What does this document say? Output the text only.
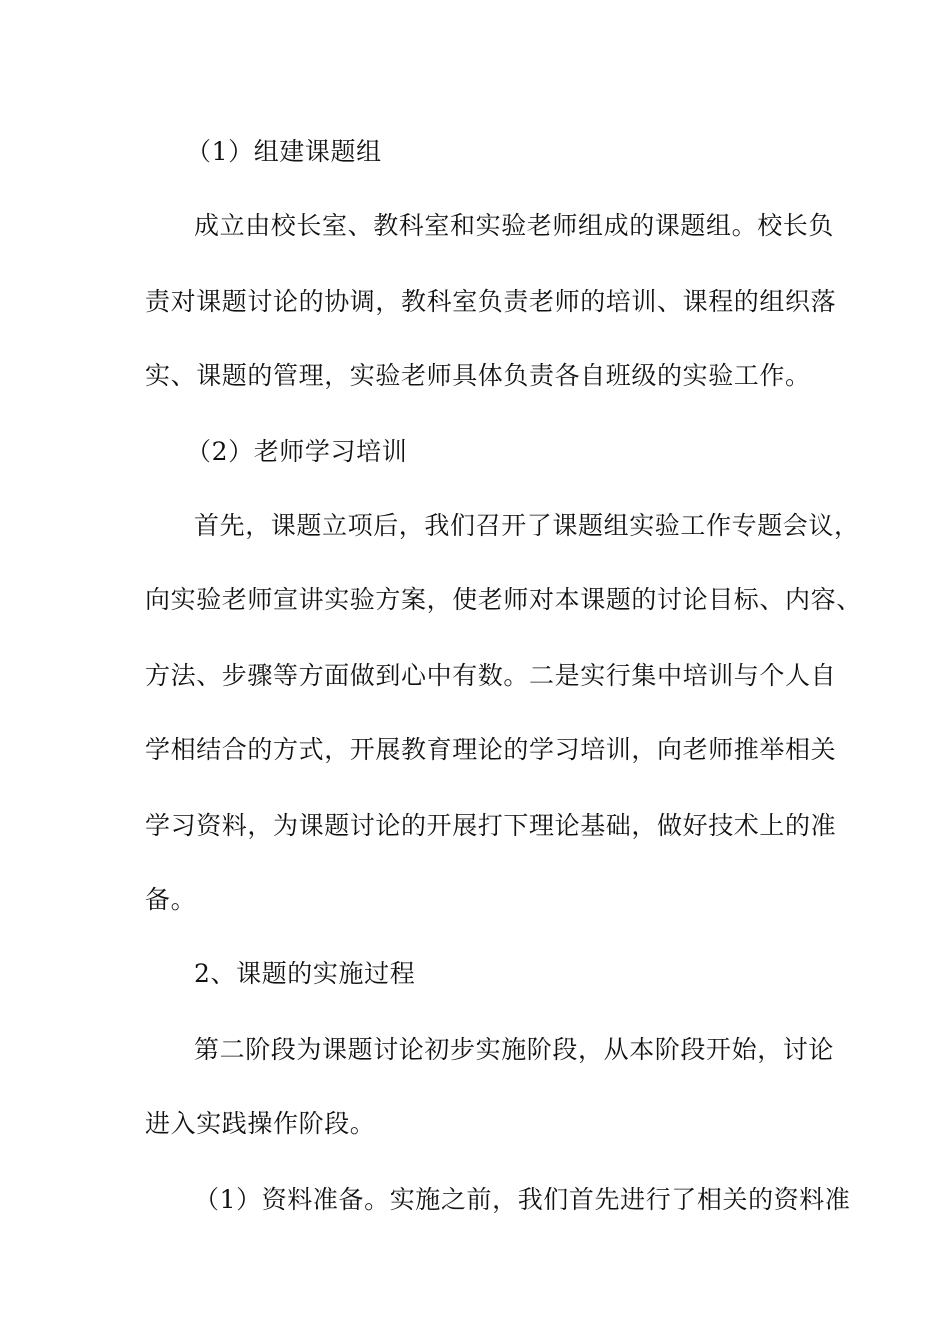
（1）组建课题组
成立由校长室、教科室和实验老师组成的课题组。校长负
责对课题讨论的协调，教科室负责老师的培训、课程的组织落
实、课题的管理，实验老师具体负责各自班级的实验工作。
（2）老师学习培训
首先，课题立项后，我们召开了课题组实验工作专题会议，
向实验老师宣讲实验方案，使老师对本课题的讨论目标、内容、
方法、步骤等方面做到心中有数。二是实行集中培训与个人自
学相结合的方式，开展教育理论的学习培训，向老师推举相关
学习资料，为课题讨论的开展打下理论基础，做好技术上的准
备。
2、课题的实施过程
第二阶段为课题讨论初步实施阶段，从本阶段开始，讨论
进入实践操作阶段。
（1）资料准备。实施之前，我们首先进行了相关的资料准
